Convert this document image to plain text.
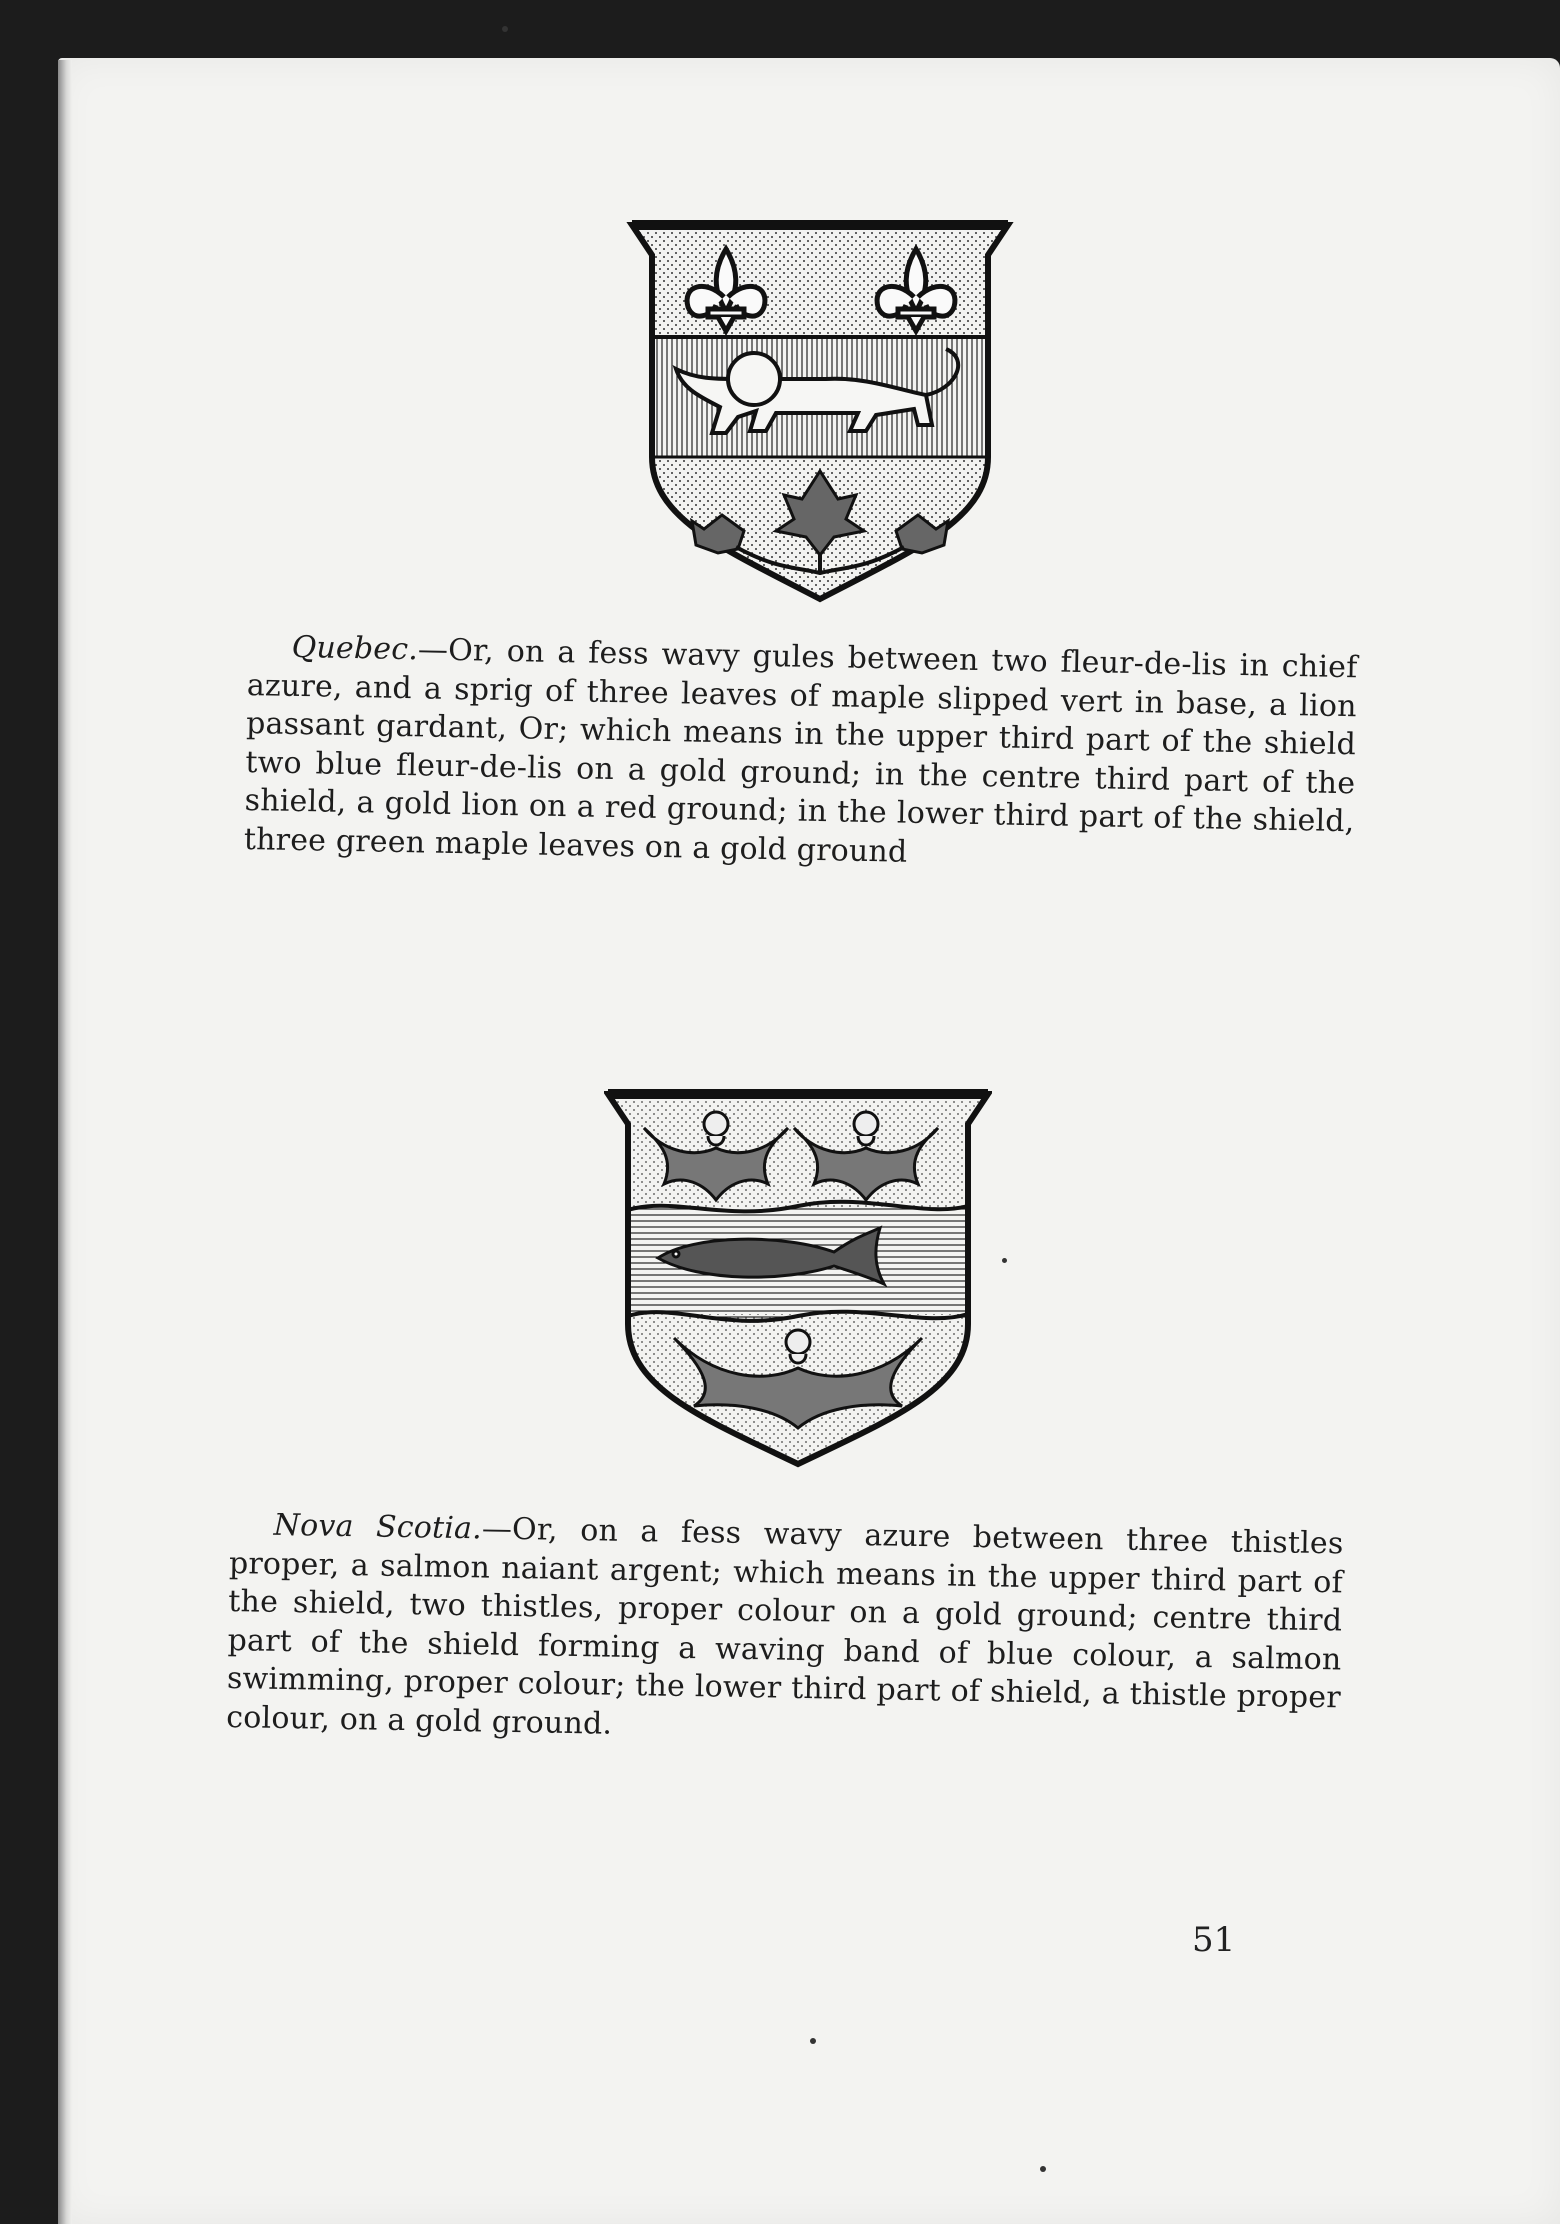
Quebec.—Or, on a fess wavy gules between two fleur-de-lis in chief azure, and a sprig of three leaves of maple slipped vert in base, a lion passant gardant, Or; which means in the upper third part of the shield two blue fleur-de-lis on a gold ground; in the centre third part of the shield, a gold lion on a red ground; in the lower third part of the shield, three green maple leaves on a gold ground
Nova Scotia.—Or, on a fess wavy azure between three thistles proper, a salmon naiant argent; which means in the upper third part of the shield, two thistles, proper colour on a gold ground; centre third part of the shield forming a waving band of blue colour, a salmon swimming, proper colour; the lower third part of shield, a thistle proper colour, on a gold ground.
51
